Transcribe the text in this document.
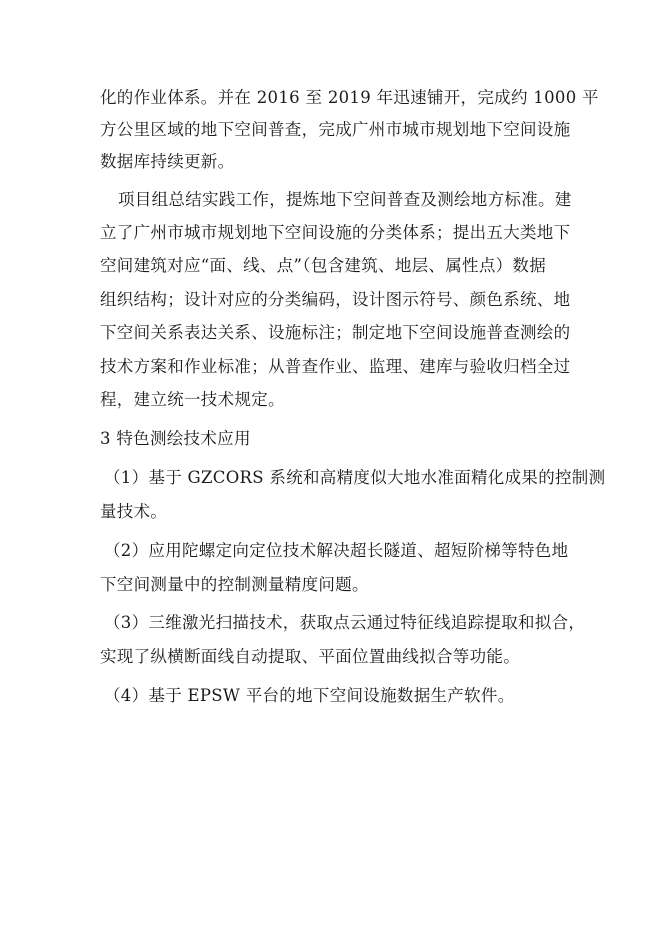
化的作业体系。并在 2016 至 2019 年迅速铺开，完成约 1000 平
方公里区域的地下空间普查，完成广州市城市规划地下空间设施
数据库持续更新。
项目组总结实践工作，提炼地下空间普查及测绘地方标准。建
立了广州市城市规划地下空间设施的分类体系；提出五大类地下
空间建筑对应“面、线、点”（包含建筑、地层、属性点）数据
组织结构；设计对应的分类编码，设计图示符号、颜色系统、地
下空间关系表达关系、设施标注；制定地下空间设施普查测绘的
技术方案和作业标准；从普查作业、监理、建库与验收归档全过
程，建立统一技术规定。
3 特色测绘技术应用
（1）基于 GZCORS 系统和高精度似大地水准面精化成果的控制测
量技术。
（2）应用陀螺定向定位技术解决超长隧道、超短阶梯等特色地
下空间测量中的控制测量精度问题。
（3）三维激光扫描技术，获取点云通过特征线追踪提取和拟合，
实现了纵横断面线自动提取、平面位置曲线拟合等功能。
（4）基于 EPSW 平台的地下空间设施数据生产软件。
